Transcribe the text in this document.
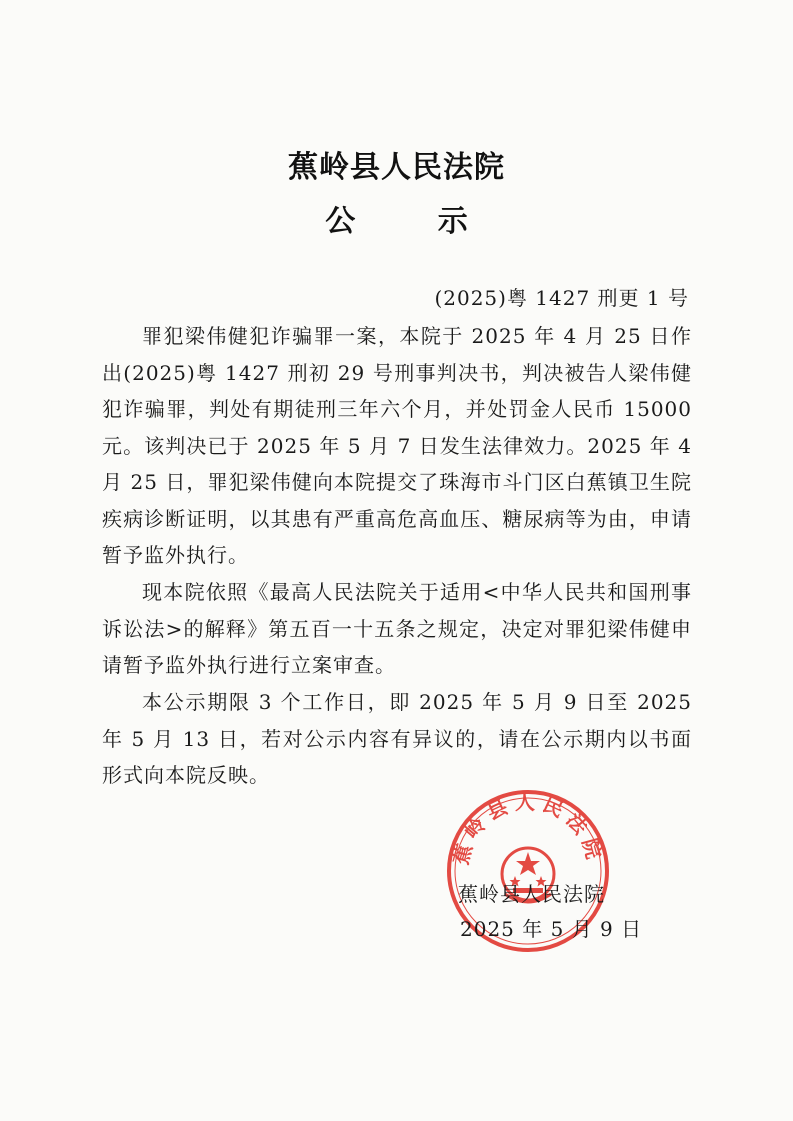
蕉岭县人民法院
公 示
(2025)粤 1427 刑更 1 号

罪犯梁伟健犯诈骗罪一案，本院于 2025 年 4 月 25 日作出(2025)粤 1427 刑初 29 号刑事判决书，判决被告人梁伟健犯诈骗罪，判处有期徒刑三年六个月，并处罚金人民币 15000 元。该判决已于 2025 年 5 月 7 日发生法律效力。2025 年 4 月 25 日，罪犯梁伟健向本院提交了珠海市斗门区白蕉镇卫生院疾病诊断证明，以其患有严重高危高血压、糖尿病等为由，申请暂予监外执行。

现本院依照《最高人民法院关于适用<中华人民共和国刑事诉讼法>的解释》第五百一十五条之规定，决定对罪犯梁伟健申请暂予监外执行进行立案审查。

本公示期限 3 个工作日，即 2025 年 5 月 9 日至 2025 年 5 月 13 日，若对公示内容有异议的，请在公示期内以书面形式向本院反映。

蕉岭县人民法院
蕉岭县人民法院
2025 年 5 月 9 日
